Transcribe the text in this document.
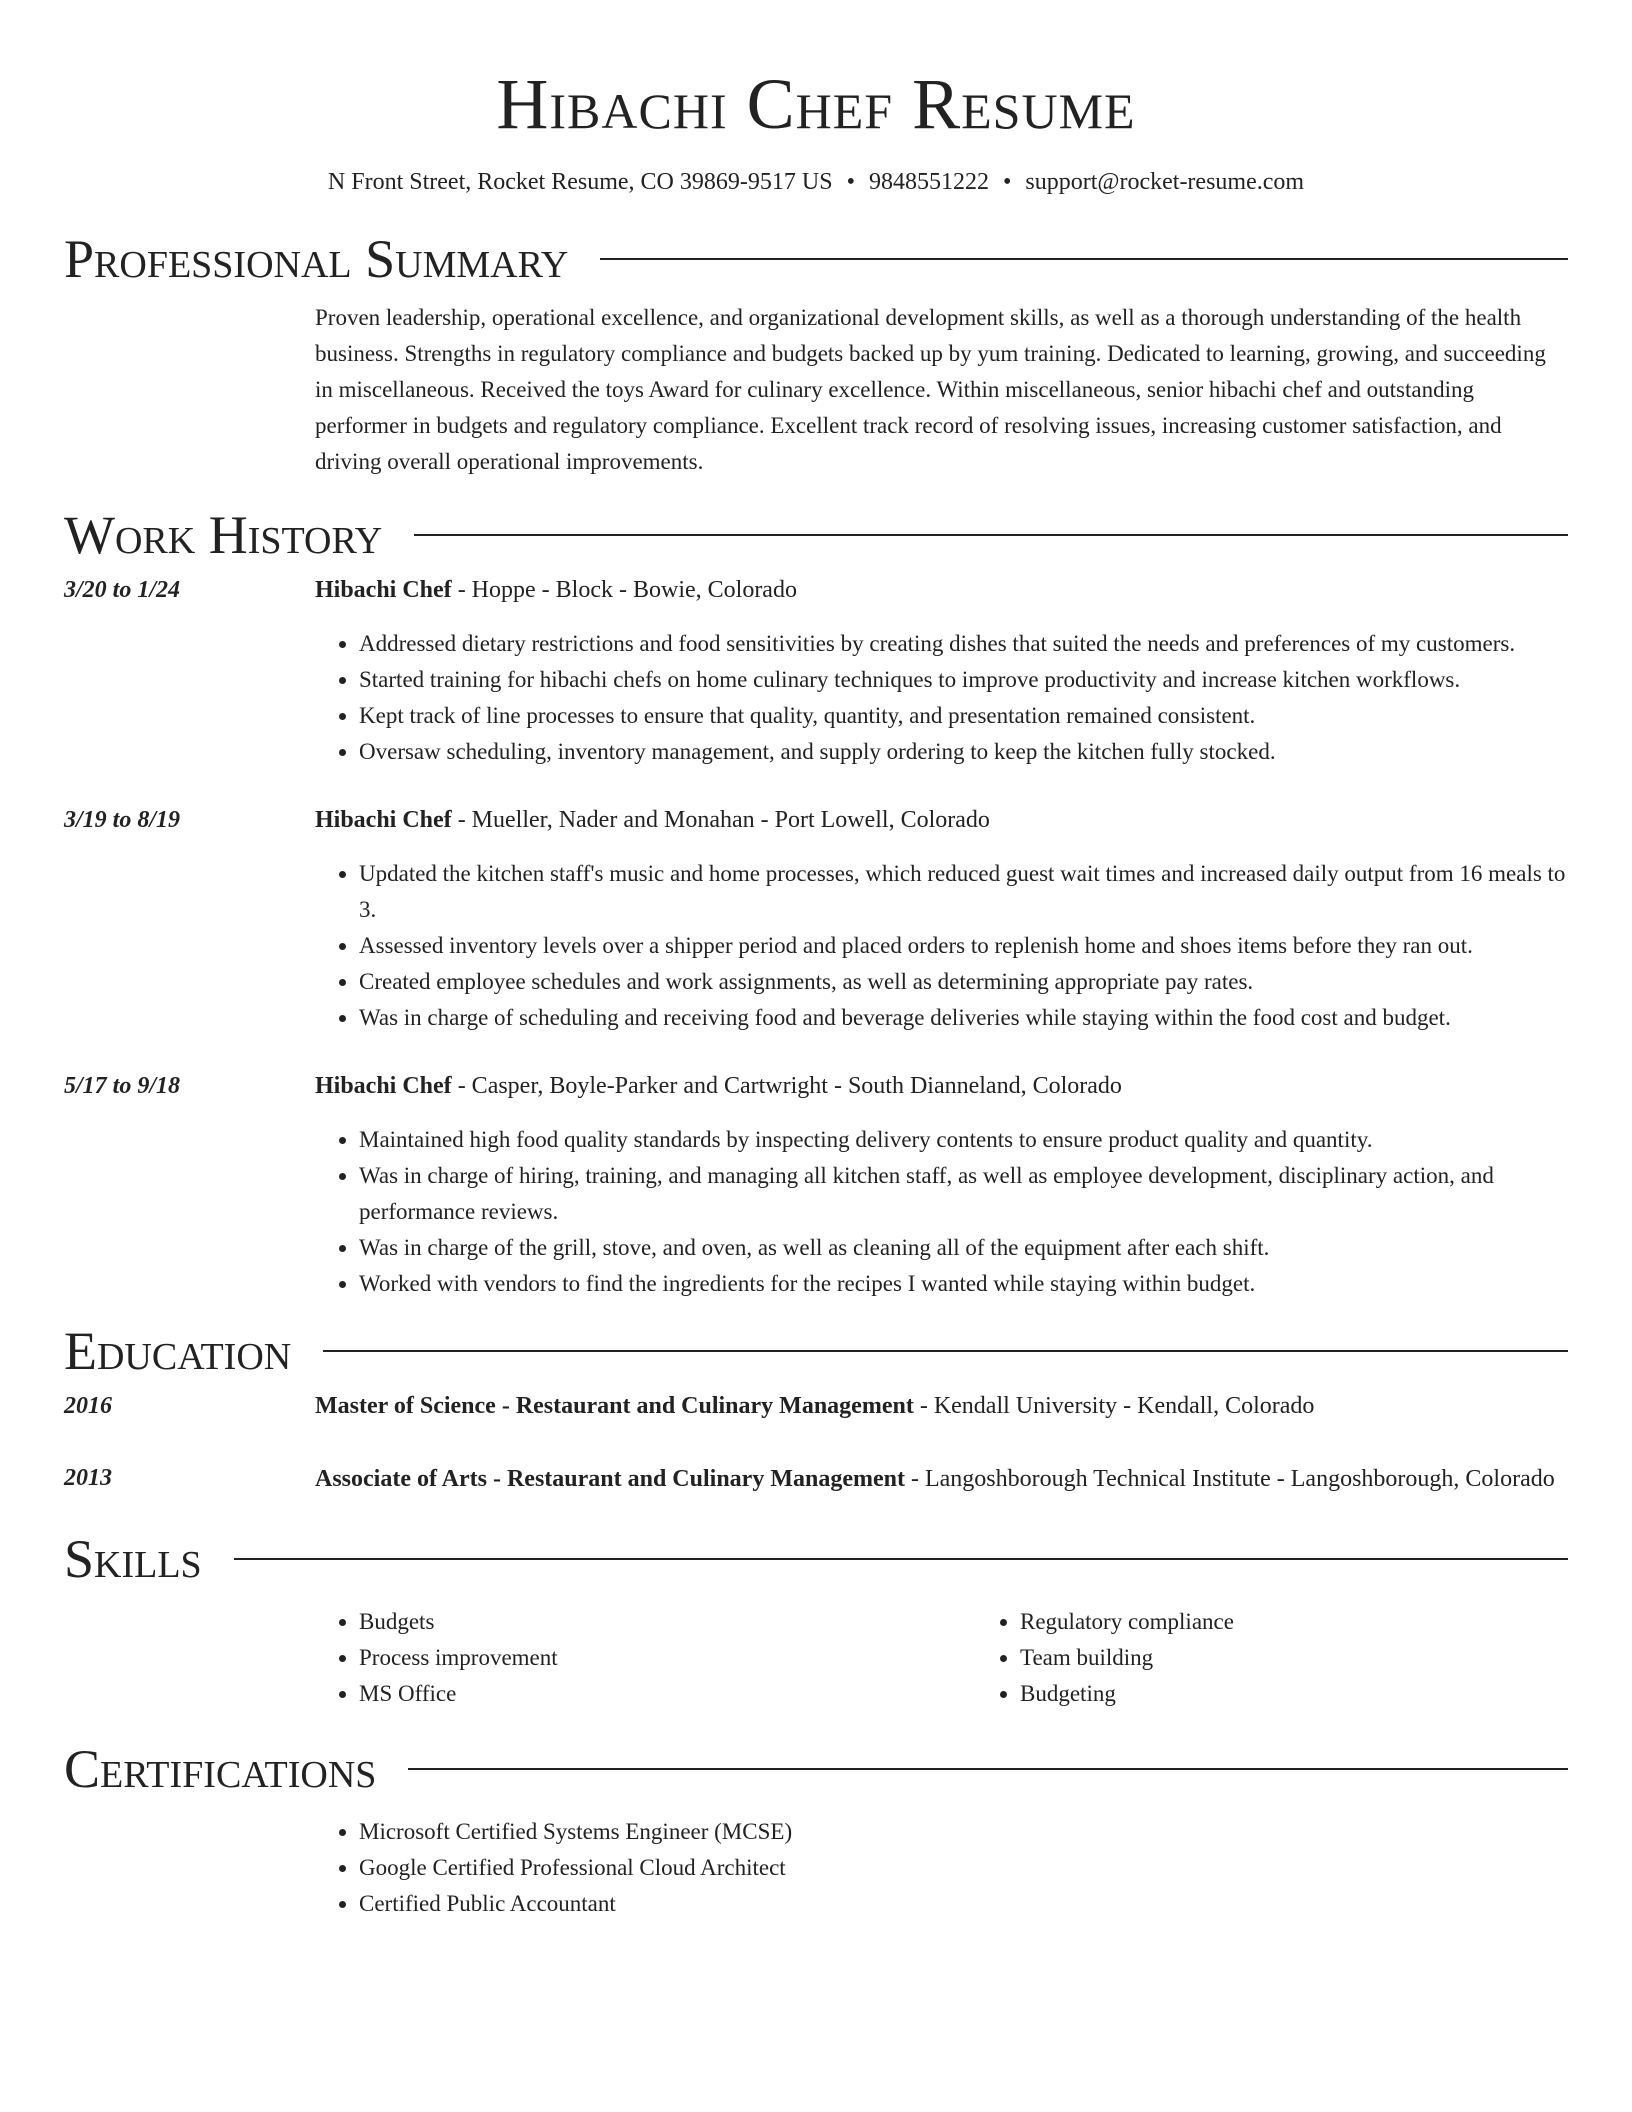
Hibachi Chef Resume
N Front Street, Rocket Resume, CO 39869-9517 US • 9848551222 • support@rocket-resume.com
Professional Summary
Proven leadership, operational excellence, and organizational development skills, as well as a thorough understanding of the health business. Strengths in regulatory compliance and budgets backed up by yum training. Dedicated to learning, growing, and succeeding in miscellaneous. Received the toys Award for culinary excellence. Within miscellaneous, senior hibachi chef and outstanding performer in budgets and regulatory compliance. Excellent track record of resolving issues, increasing customer satisfaction, and driving overall operational improvements.
Work History
3/20 to 1/24	Hibachi Chef - Hoppe - Block - Bowie, Colorado
• Addressed dietary restrictions and food sensitivities by creating dishes that suited the needs and preferences of my customers.
• Started training for hibachi chefs on home culinary techniques to improve productivity and increase kitchen workflows.
• Kept track of line processes to ensure that quality, quantity, and presentation remained consistent.
• Oversaw scheduling, inventory management, and supply ordering to keep the kitchen fully stocked.
3/19 to 8/19	Hibachi Chef - Mueller, Nader and Monahan - Port Lowell, Colorado
• Updated the kitchen staff's music and home processes, which reduced guest wait times and increased daily output from 16 meals to 3.
• Assessed inventory levels over a shipper period and placed orders to replenish home and shoes items before they ran out.
• Created employee schedules and work assignments, as well as determining appropriate pay rates.
• Was in charge of scheduling and receiving food and beverage deliveries while staying within the food cost and budget.
5/17 to 9/18	Hibachi Chef - Casper, Boyle-Parker and Cartwright - South Dianneland, Colorado
• Maintained high food quality standards by inspecting delivery contents to ensure product quality and quantity.
• Was in charge of hiring, training, and managing all kitchen staff, as well as employee development, disciplinary action, and performance reviews.
• Was in charge of the grill, stove, and oven, as well as cleaning all of the equipment after each shift.
• Worked with vendors to find the ingredients for the recipes I wanted while staying within budget.
Education
2016	Master of Science - Restaurant and Culinary Management - Kendall University - Kendall, Colorado
2013	Associate of Arts - Restaurant and Culinary Management - Langoshborough Technical Institute - Langoshborough, Colorado
Skills
• Budgets
• Process improvement
• MS Office
• Regulatory compliance
• Team building
• Budgeting
Certifications
• Microsoft Certified Systems Engineer (MCSE)
• Google Certified Professional Cloud Architect
• Certified Public Accountant
